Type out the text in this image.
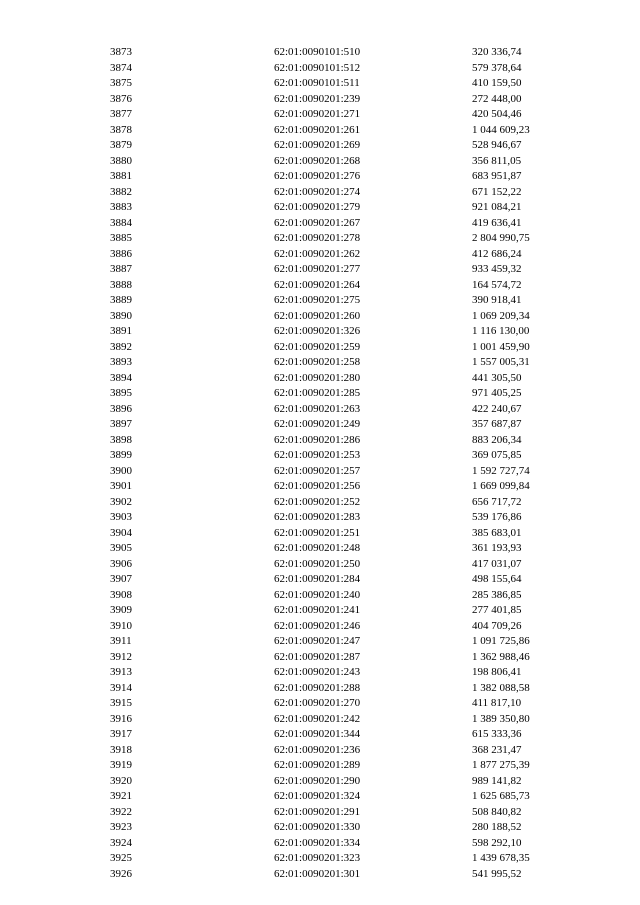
3873	62:01:0090101:510	320 336,74
3874	62:01:0090101:512	579 378,64
3875	62:01:0090101:511	410 159,50
3876	62:01:0090201:239	272 448,00
3877	62:01:0090201:271	420 504,46
3878	62:01:0090201:261	1 044 609,23
3879	62:01:0090201:269	528 946,67
3880	62:01:0090201:268	356 811,05
3881	62:01:0090201:276	683 951,87
3882	62:01:0090201:274	671 152,22
3883	62:01:0090201:279	921 084,21
3884	62:01:0090201:267	419 636,41
3885	62:01:0090201:278	2 804 990,75
3886	62:01:0090201:262	412 686,24
3887	62:01:0090201:277	933 459,32
3888	62:01:0090201:264	164 574,72
3889	62:01:0090201:275	390 918,41
3890	62:01:0090201:260	1 069 209,34
3891	62:01:0090201:326	1 116 130,00
3892	62:01:0090201:259	1 001 459,90
3893	62:01:0090201:258	1 557 005,31
3894	62:01:0090201:280	441 305,50
3895	62:01:0090201:285	971 405,25
3896	62:01:0090201:263	422 240,67
3897	62:01:0090201:249	357 687,87
3898	62:01:0090201:286	883 206,34
3899	62:01:0090201:253	369 075,85
3900	62:01:0090201:257	1 592 727,74
3901	62:01:0090201:256	1 669 099,84
3902	62:01:0090201:252	656 717,72
3903	62:01:0090201:283	539 176,86
3904	62:01:0090201:251	385 683,01
3905	62:01:0090201:248	361 193,93
3906	62:01:0090201:250	417 031,07
3907	62:01:0090201:284	498 155,64
3908	62:01:0090201:240	285 386,85
3909	62:01:0090201:241	277 401,85
3910	62:01:0090201:246	404 709,26
3911	62:01:0090201:247	1 091 725,86
3912	62:01:0090201:287	1 362 988,46
3913	62:01:0090201:243	198 806,41
3914	62:01:0090201:288	1 382 088,58
3915	62:01:0090201:270	411 817,10
3916	62:01:0090201:242	1 389 350,80
3917	62:01:0090201:344	615 333,36
3918	62:01:0090201:236	368 231,47
3919	62:01:0090201:289	1 877 275,39
3920	62:01:0090201:290	989 141,82
3921	62:01:0090201:324	1 625 685,73
3922	62:01:0090201:291	508 840,82
3923	62:01:0090201:330	280 188,52
3924	62:01:0090201:334	598 292,10
3925	62:01:0090201:323	1 439 678,35
3926	62:01:0090201:301	541 995,52
